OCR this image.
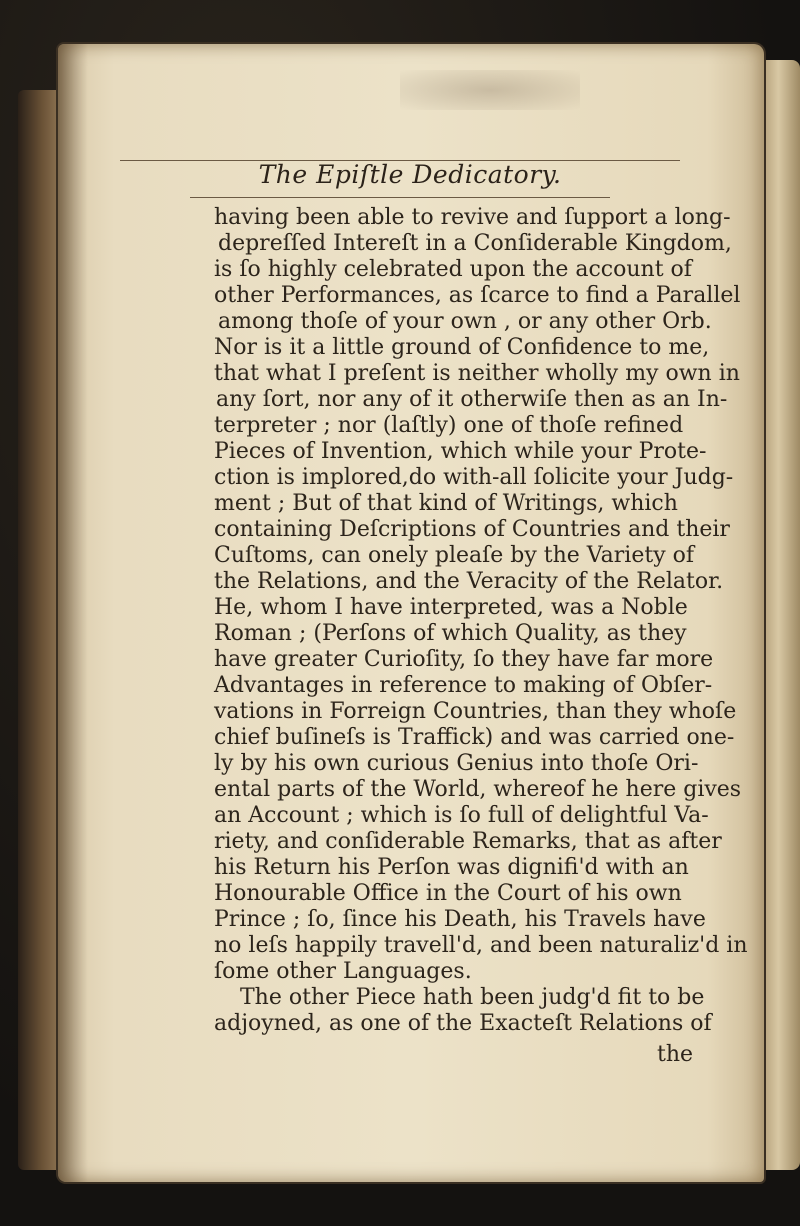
The Epiſtle Dedicatory.
having been able to revive and ſupport a long-
depreſſed Intereſt in a Conſiderable Kingdom,
is ſo highly celebrated upon the account of
other Performances, as ſcarce to find a Parallel
among thoſe of your own , or any other Orb.
Nor is it a little ground of Confidence to me,
that what I preſent is neither wholly my own in
any ſort, nor any of it otherwiſe then as an In-
terpreter ; nor (laſtly) one of thoſe refined
Pieces of Invention, which while your Prote-
ction is implored,do with-all ſolicite your Judg-
ment ; But of that kind of Writings, which
containing Deſcriptions of Countries and their
Cuſtoms, can onely pleaſe by the Variety of
the Relations, and the Veracity of the Relator.
He, whom I have interpreted, was a Noble
Roman ; (Perſons of which Quality, as they
have greater Curioſity, ſo they have far more
Advantages in reference to making of Obſer-
vations in Forreign Countries, than they whoſe
chief buſineſs is Traffick) and was carried one-
ly by his own curious Genius into thoſe Ori-
ental parts of the World, whereof he here gives
an Account ; which is ſo full of delightful Va-
riety, and conſiderable Remarks, that as after
his Return his Perſon was dignifi'd with an
Honourable Office in the Court of his own
Prince ; ſo, ſince his Death, his Travels have
no leſs happily travell'd, and been naturaliz'd in
ſome other Languages.
The other Piece hath been judg'd fit to be
adjoyned, as one of the Exacteſt Relations of
the
